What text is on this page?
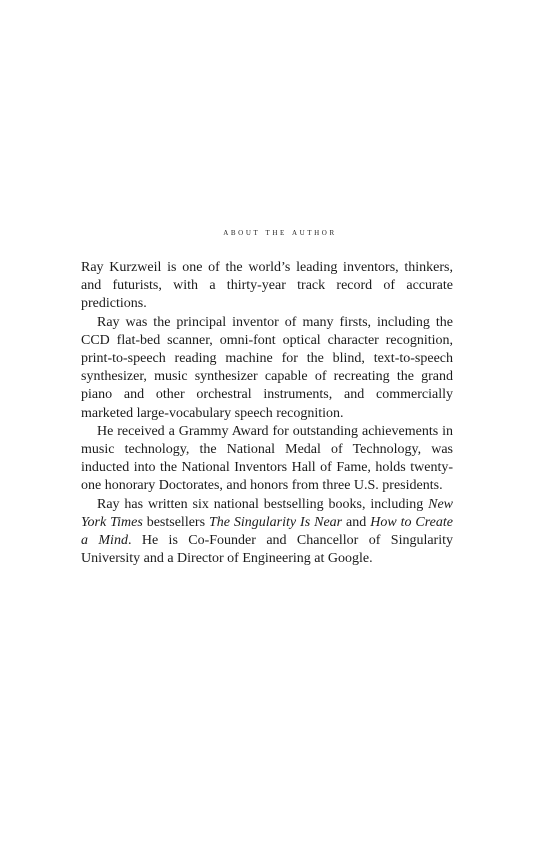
about the author

Ray Kurzweil is one of the world’s leading inventors, thinkers, and futurists, with a thirty-year track record of accurate predictions.

Ray was the principal inventor of many firsts, including the CCD flat-bed scanner, omni-font optical character recognition, print-to-speech reading machine for the blind, text-to-speech synthesizer, music synthesizer capable of recreating the grand piano and other orchestral instruments, and commercially marketed large-vocabulary speech recognition.

He received a Grammy Award for outstanding achievements in music technology, the National Medal of Technology, was inducted into the National Inventors Hall of Fame, holds twenty-one honorary Doctorates, and honors from three U.S. presidents.

Ray has written six national bestselling books, including New York Times bestsellers The Singularity Is Near and How to Create a Mind. He is Co-Founder and Chancellor of Singularity University and a Director of Engineering at Google.
